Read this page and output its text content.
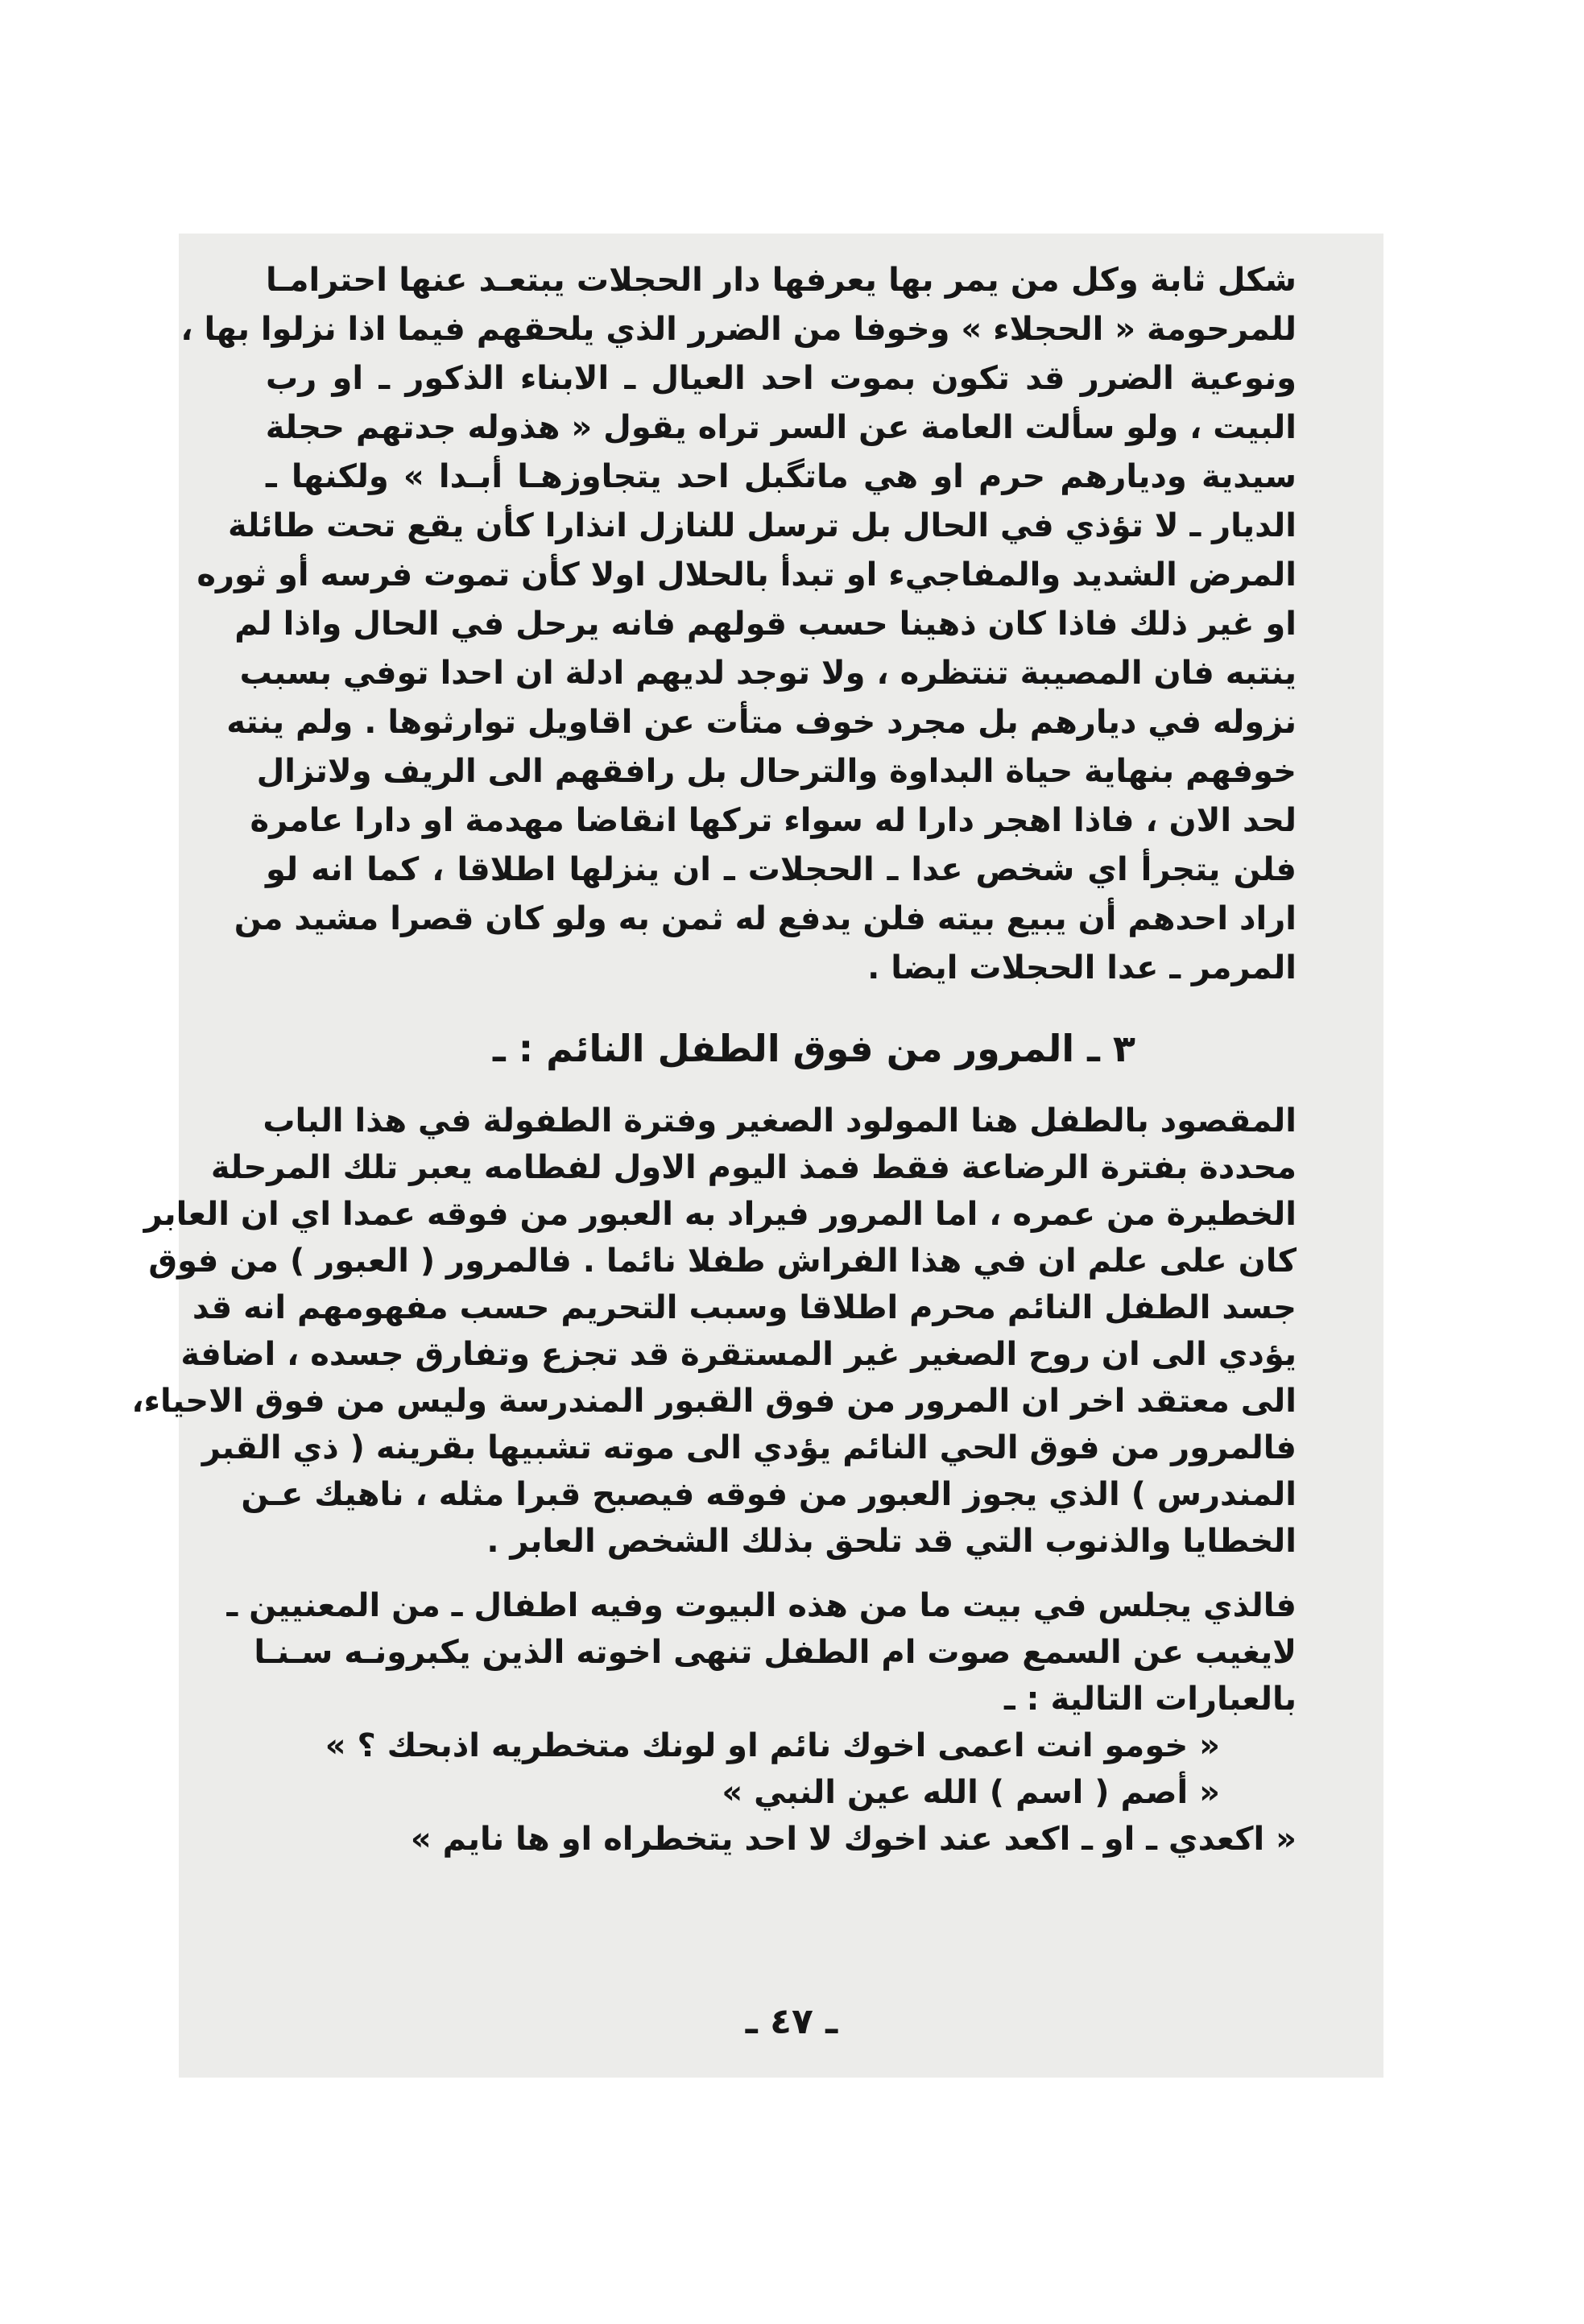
شكل ثابة وكل من يمر بها يعرفها دار الحجلات يبتعـد عنها احترامـا
للمرحومة « الحجلاء » وخوفا من الضرر الذي يلحقهم فيما اذا نزلوا بها ،
ونوعية الضرر قد تكون بموت احد العيال ـ الابناء الذكور ـ او رب
البيت ، ولو سألت العامة عن السر تراه يقول « هذوله جدتهم حجلة
سيدية وديارهم حرم او هي ماتگبل احد يتجاوزهـا أبـدا » ولكنها ـ
الديار ـ لا تؤذي في الحال بل ترسل للنازل انذارا كأن يقع تحت طائلة
المرض الشديد والمفاجيء او تبدأ بالحلال اولا كأن تموت فرسه أو ثوره
او غير ذلك فاذا كان ذهينا حسب قولهم فانه يرحل في الحال واذا لم
ينتبه فان المصيبة تنتظره ، ولا توجد لديهم ادلة ان احدا توفي بسبب
نزوله في ديارهم بل مجرد خوف متأت عن اقاويل توارثوها . ولم ينته
خوفهم بنهاية حياة البداوة والترحال بل رافقهم الى الريف ولاتزال
لحد الان ، فاذا اهجر دارا له سواء تركها انقاضا مهدمة او دارا عامرة
فلن يتجرأ اي شخص عدا ـ الحجلات ـ ان ينزلها اطلاقا ، كما انه لو
اراد احدهم أن يبيع بيته فلن يدفع له ثمن به ولو كان قصرا مشيد من
المرمر ـ عدا الحجلات ايضا .
٣ ـ المرور من فوق الطفل النائم : ـ
المقصود بالطفل هنا المولود الصغير وفترة الطفولة في هذا الباب
محددة بفترة الرضاعة فقط فمذ اليوم الاول لفطامه يعبر تلك المرحلة
الخطيرة من عمره ، اما المرور فيراد به العبور من فوقه عمدا اي ان العابر
كان على علم ان في هذا الفراش طفلا نائما . فالمرور ( العبور ) من فوق
جسد الطفل النائم محرم اطلاقا وسبب التحريم حسب مفهومهم انه قد
يؤدي الى ان روح الصغير غير المستقرة قد تجزع وتفارق جسده ، اضافة
الى معتقد اخر ان المرور من فوق القبور المندرسة وليس من فوق الاحياء،
فالمرور من فوق الحي النائم يؤدي الى موته تشبيها بقرينه ( ذي القبر
المندرس ) الذي يجوز العبور من فوقه فيصبح قبرا مثله ، ناهيك عـن
الخطايا والذنوب التي قد تلحق بذلك الشخص العابر .
فالذي يجلس في بيت ما من هذه البيوت وفيه اطفال ـ من المعنيين ـ
لايغيب عن السمع صوت ام الطفل تنهى اخوته الذين يكبرونـه سـنـا
بالعبارات التالية : ـ
« خومو انت اعمى اخوك نائم او لونك متخطريه اذبحك ؟ »
« أصم ( اسم ) الله عين النبي »
« اكعدي ـ او ـ اكعد عند اخوك لا احد يتخطراه او ها نايم »
ـ ٤٧ ـ
